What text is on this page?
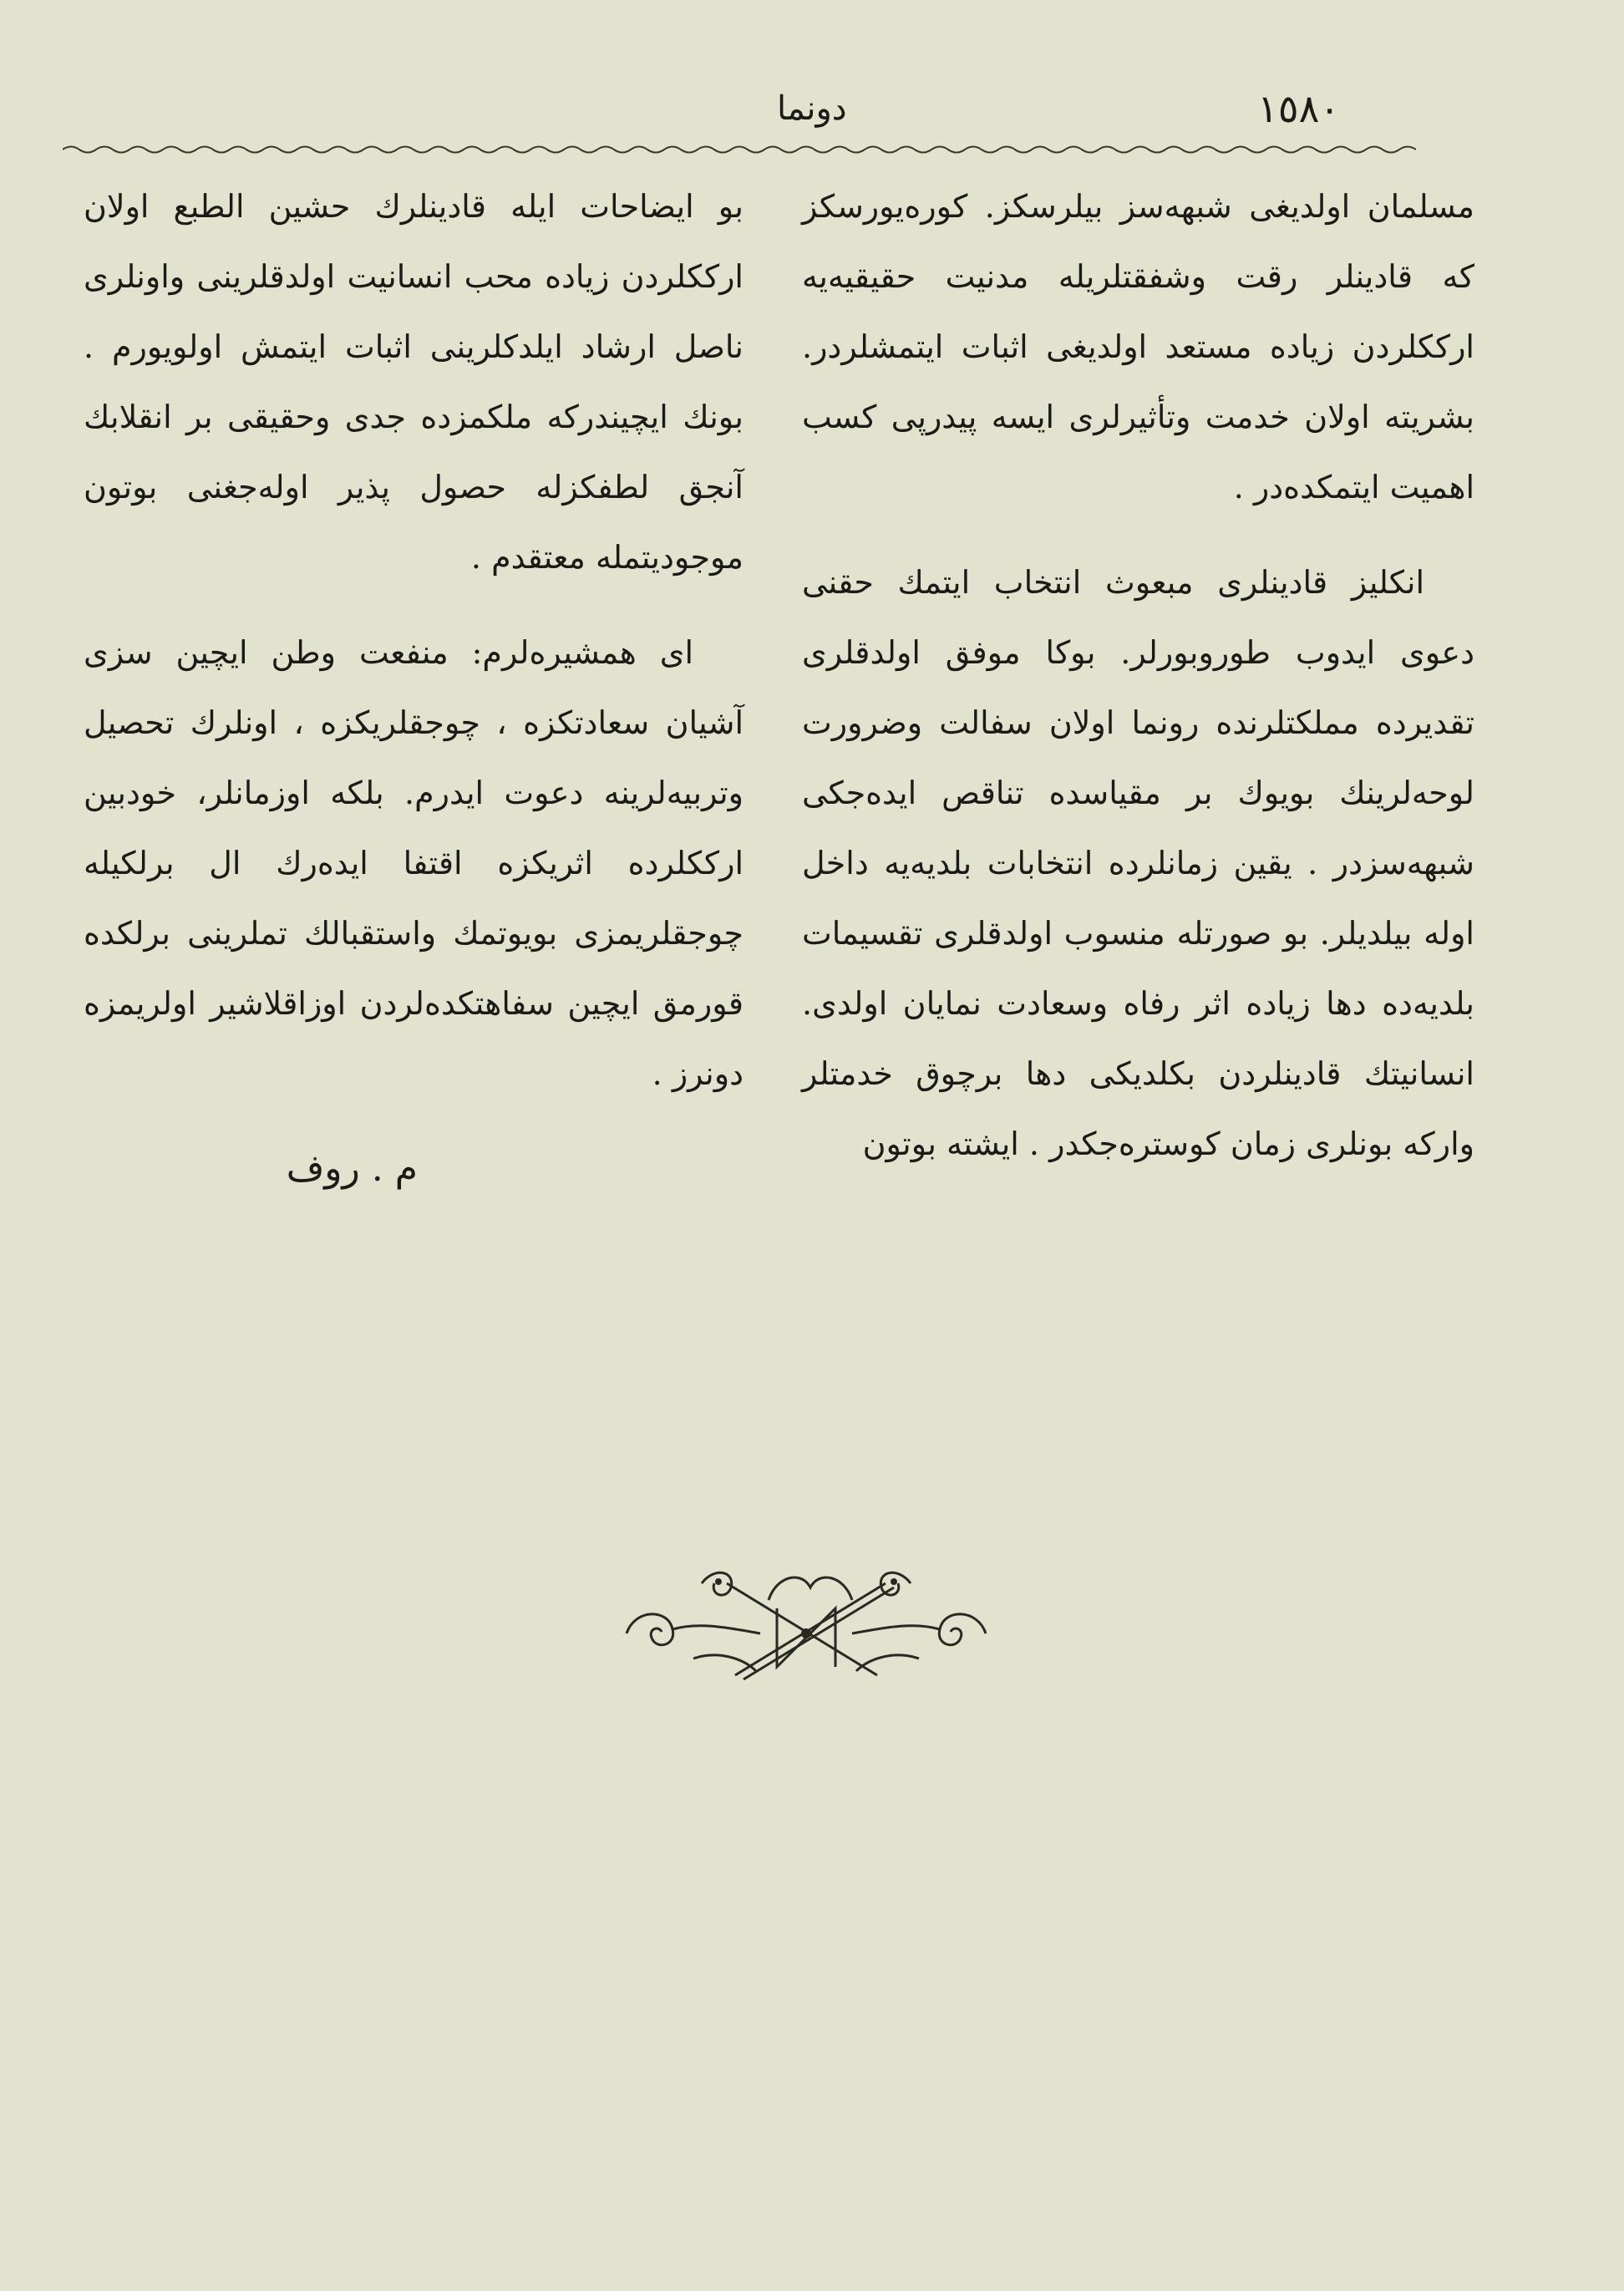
دونما	١٥٨٠

مسلمان اولدیغی شبهه‌سز بیلرسکز. کوره‌یورسکز که قادینلر رقت وشفقتلریله مدنیت حقیقیه‌یه ارککلردن زیاده مستعد اولدیغی اثبات ایتمشلردر. بشریته اولان خدمت وتأثیرلری ایسه پیدرپی کسب اهمیت ایتمکده‌در .

انکلیز قادینلری مبعوث انتخاب ایتمك حقنی دعوی ایدوب طوروبورلر. بوکا موفق اولدقلری تقدیرده مملکتلرنده رونما اولان سفالت وضرورت لوحه‌لرینك بویوك بر مقیاسده تناقص ایده‌جکی شبهه‌سزدر . یقین زمانلرده انتخابات بلدیه‌یه داخل اوله بیلدیلر. بو صورتله منسوب اولدقلری تقسیمات بلدیه‌ده دها زیاده اثر رفاه وسعادت نمایان اولدی. انسانیتك قادینلردن بکلدیکی دها برچوق خدمتلر وارکه بونلری زمان کوستره‌جکدر . ایشته بوتون

بو ایضاحات ایله قادینلرك حشین الطبع اولان ارککلردن زیاده محب انسانیت اولدقلرینی واونلری ناصل ارشاد ایلدکلرینی اثبات ایتمش اولویورم . بونك ایچیندرکه ملکمزده جدی وحقیقی بر انقلابك آنجق لطفکزله حصول پذیر اوله‌جغنی بوتون موجودیتمله معتقدم .

ای همشیره‌لرم: منفعت وطن ایچین سزی آشیان سعادتکزه ، چوجقلریکزه ، اونلرك تحصیل وتربیه‌لرینه دعوت ایدرم. بلکه اوزمانلر، خودبین ارککلرده اثریکزه اقتفا ایده‌رك ال برلکیله چوجقلریمزی بویوتمك واستقبالك تملرینی برلکده قورمق ایچین سفاهتکده‌لردن اوزاقلاشیر اولریمزه دونرز .

م . روف
